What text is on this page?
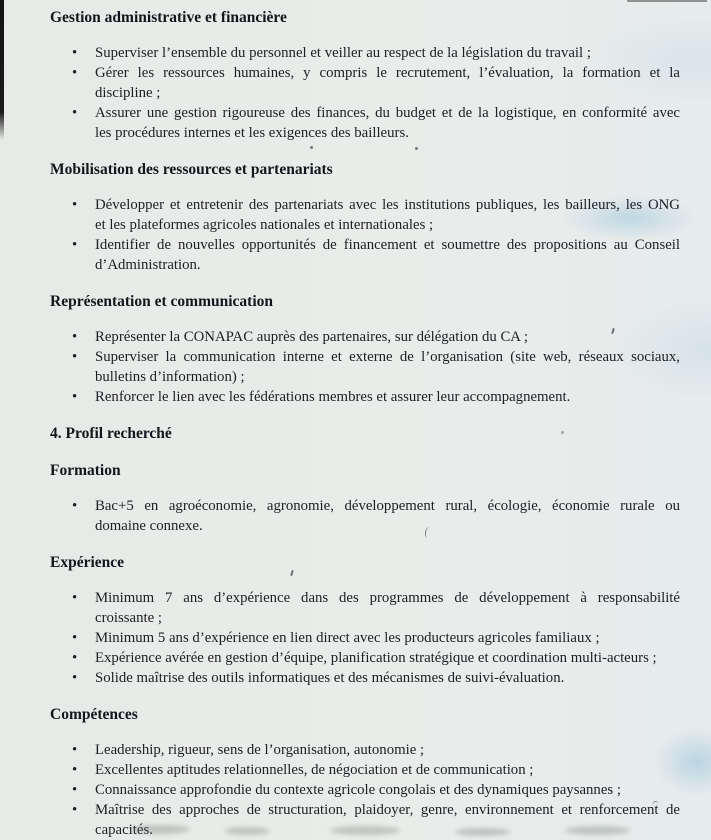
Gestion administrative et financière
•	Superviser l’ensemble du personnel et veiller au respect de la législation du travail ;
•	Gérer les ressources humaines, y compris le recrutement, l’évaluation, la formation et la
discipline ;
•	Assurer une gestion rigoureuse des finances, du budget et de la logistique, en conformité avec
les procédures internes et les exigences des bailleurs.
Mobilisation des ressources et partenariats
•	Développer et entretenir des partenariats avec les institutions publiques, les bailleurs, les ONG
et les plateformes agricoles nationales et internationales ;
•	Identifier de nouvelles opportunités de financement et soumettre des propositions au Conseil
d’Administration.
Représentation et communication
•	Représenter la CONAPAC auprès des partenaires, sur délégation du CA ;
•	Superviser la communication interne et externe de l’organisation (site web, réseaux sociaux,
bulletins d’information) ;
•	Renforcer le lien avec les fédérations membres et assurer leur accompagnement.
4. Profil recherché
Formation
•	Bac+5 en agroéconomie, agronomie, développement rural, écologie, économie rurale ou
domaine connexe.
Expérience
•	Minimum 7 ans d’expérience dans des programmes de développement à responsabilité
croissante ;
•	Minimum 5 ans d’expérience en lien direct avec les producteurs agricoles familiaux ;
•	Expérience avérée en gestion d’équipe, planification stratégique et coordination multi-acteurs ;
•	Solide maîtrise des outils informatiques et des mécanismes de suivi-évaluation.
Compétences
•	Leadership, rigueur, sens de l’organisation, autonomie ;
•	Excellentes aptitudes relationnelles, de négociation et de communication ;
•	Connaissance approfondie du contexte agricole congolais et des dynamiques paysannes ;
•	Maîtrise des approches de structuration, plaidoyer, genre, environnement et renforcement de
capacités.
